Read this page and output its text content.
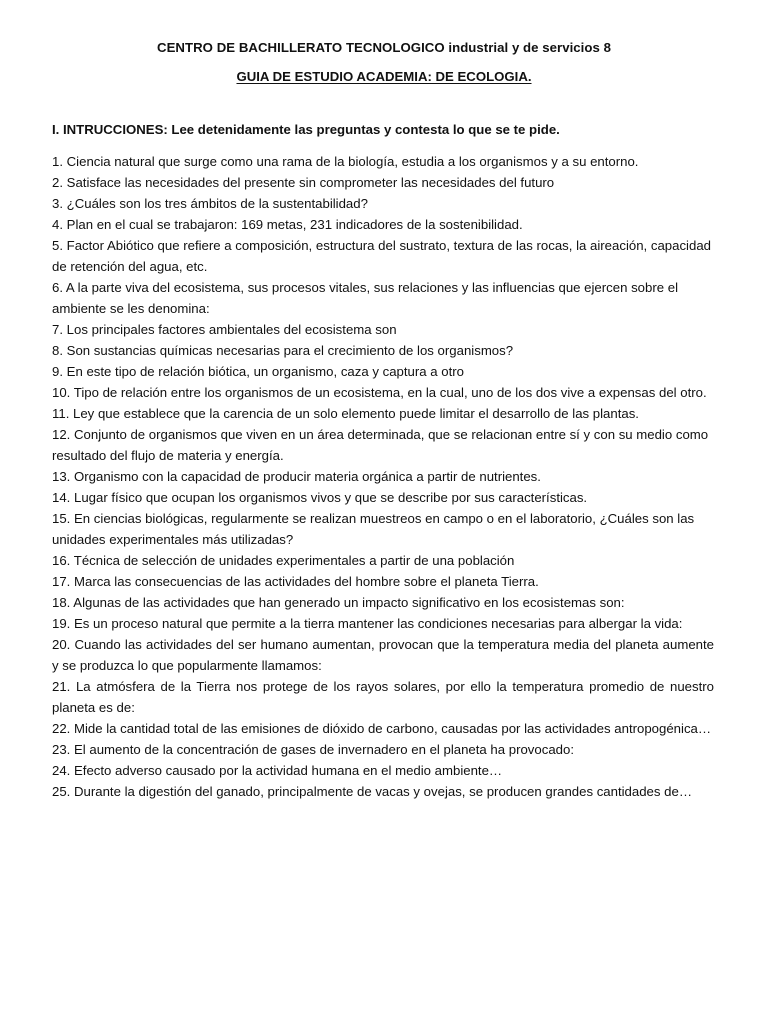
CENTRO DE BACHILLERATO TECNOLOGICO industrial y de servicios 8
GUIA DE ESTUDIO ACADEMIA: DE ECOLOGIA.
I. INTRUCCIONES: Lee detenidamente las preguntas y contesta lo que se te pide.
1. Ciencia natural que surge como una rama de la biología, estudia a los organismos y a su entorno.
2. Satisface las necesidades del presente sin comprometer las necesidades del futuro
3. ¿Cuáles son los tres ámbitos de la sustentabilidad?
4. Plan en el cual se trabajaron: 169 metas, 231 indicadores de la sostenibilidad.
5. Factor Abiótico que refiere a composición, estructura del sustrato, textura de las rocas, la aireación, capacidad de retención del agua, etc.
6. A la parte viva del ecosistema, sus procesos vitales, sus relaciones y las influencias que ejercen sobre el ambiente se les denomina:
7. Los principales factores ambientales del ecosistema son
8. Son sustancias químicas necesarias para el crecimiento de los organismos?
9. En este tipo de relación biótica, un organismo, caza y captura a otro
10. Tipo de relación entre los organismos de un ecosistema, en la cual, uno de los dos vive a expensas del otro.
11. Ley que establece que la carencia de un solo elemento puede limitar el desarrollo de las plantas.
12. Conjunto de organismos que viven en un área determinada, que se relacionan entre sí y con su medio como resultado del flujo de materia y energía.
13. Organismo con la capacidad de producir materia orgánica a partir de nutrientes.
14. Lugar físico que ocupan los organismos vivos y que se describe por sus características.
15. En ciencias biológicas, regularmente se realizan muestreos en campo o en el laboratorio, ¿Cuáles son las unidades experimentales más utilizadas?
16. Técnica de selección de unidades experimentales a partir de una población
17. Marca las consecuencias de las actividades del hombre sobre el planeta Tierra.
18. Algunas de las actividades que han generado un impacto significativo en los ecosistemas son:
19. Es un proceso natural que permite a la tierra mantener las condiciones necesarias para albergar la vida:
20. Cuando las actividades del ser humano aumentan, provocan que la temperatura media del planeta aumente y se produzca lo que popularmente llamamos:
21. La atmósfera de la Tierra nos protege de los rayos solares, por ello la temperatura promedio de nuestro planeta es de:
22. Mide la cantidad total de las emisiones de dióxido de carbono, causadas por las actividades antropogénica…
23. El aumento de la concentración de gases de invernadero en el planeta ha provocado:
24. Efecto adverso causado por la actividad humana en el medio ambiente…
25. Durante la digestión del ganado, principalmente de vacas y ovejas, se producen grandes cantidades de…
